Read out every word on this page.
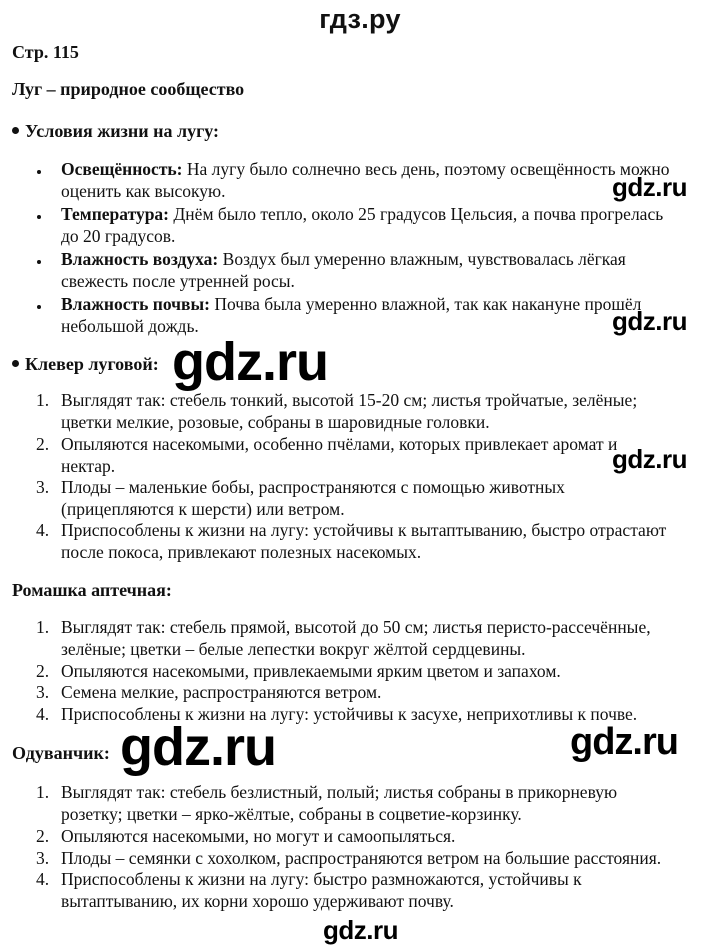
гдз.ру
Стр. 115
Луг – природное сообщество
Условия жизни на лугу:
Освещённость: На лугу было солнечно весь день, поэтому освещённость можно
оценить как высокую.
Температура: Днём было тепло, около 25 градусов Цельсия, а почва прогрелась
до 20 градусов.
Влажность воздуха: Воздух был умеренно влажным, чувствовалась лёгкая
свежесть после утренней росы.
Влажность почвы: Почва была умеренно влажной, так как накануне прошёл
небольшой дождь.
Клевер луговой:
1. Выглядят так: стебель тонкий, высотой 15-20 см; листья тройчатые, зелёные;
цветки мелкие, розовые, собраны в шаровидные головки.
2. Опыляются насекомыми, особенно пчёлами, которых привлекает аромат и
нектар.
3. Плоды – маленькие бобы, распространяются с помощью животных
(прицепляются к шерсти) или ветром.
4. Приспособлены к жизни на лугу: устойчивы к вытаптыванию, быстро отрастают
после покоса, привлекают полезных насекомых.
Ромашка аптечная:
1. Выглядят так: стебель прямой, высотой до 50 см; листья перисто-рассечённые,
зелёные; цветки – белые лепестки вокруг жёлтой сердцевины.
2. Опыляются насекомыми, привлекаемыми ярким цветом и запахом.
3. Семена мелкие, распространяются ветром.
4. Приспособлены к жизни на лугу: устойчивы к засухе, неприхотливы к почве.
Одуванчик:
1. Выглядят так: стебель безлистный, полый; листья собраны в прикорневую
розетку; цветки – ярко-жёлтые, собраны в соцветие-корзинку.
2. Опыляются насекомыми, но могут и самоопыляться.
3. Плоды – семянки с хохолком, распространяются ветром на большие расстояния.
4. Приспособлены к жизни на лугу: быстро размножаются, устойчивы к
вытаптыванию, их корни хорошо удерживают почву.
gdz.ru
gdz.ru
gdz.ru
gdz.ru
gdz.ru	gdz.ru
gdz.ru
